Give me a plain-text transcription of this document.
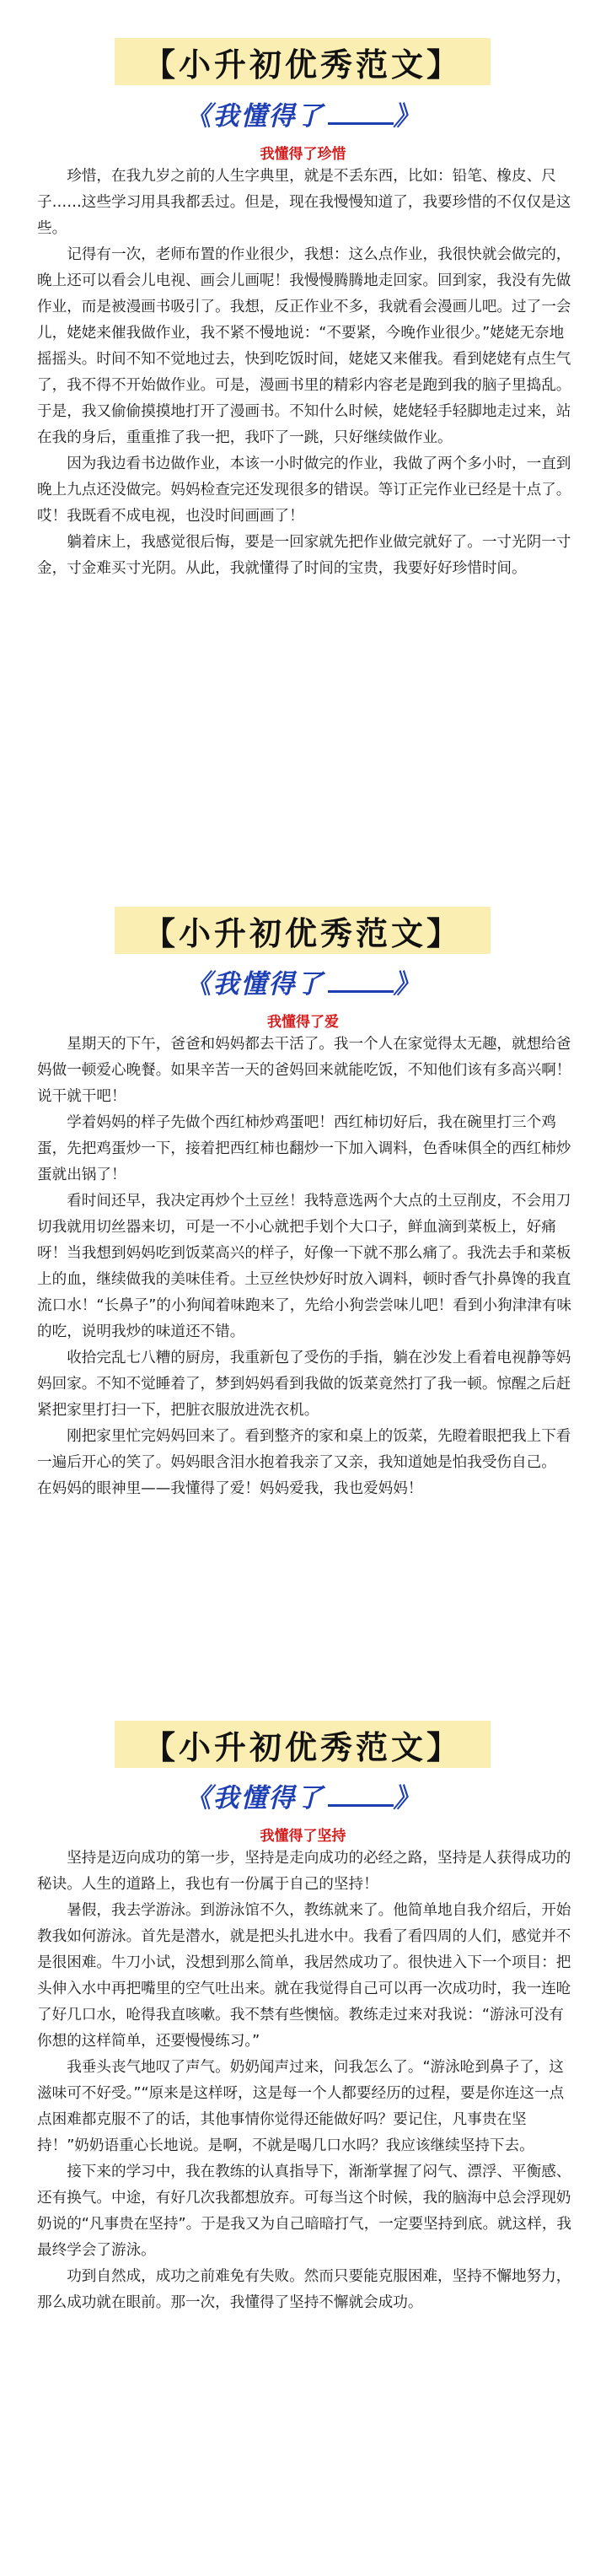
【小升初优秀范文】
《我懂得了	》
我懂得了珍惜

珍惜，在我九岁之前的人生字典里，就是不丢东西，比如：铅笔、橡皮、尺子……这些学习用具我都丢过。但是，现在我慢慢知道了，我要珍惜的不仅仅是这些。

记得有一次，老师布置的作业很少，我想：这么点作业，我很快就会做完的，晚上还可以看会儿电视、画会儿画呢！我慢慢腾腾地走回家。回到家，我没有先做作业，而是被漫画书吸引了。我想，反正作业不多，我就看会漫画儿吧。过了一会儿，姥姥来催我做作业，我不紧不慢地说：“不要紧，今晚作业很少。”姥姥无奈地摇摇头。时间不知不觉地过去，快到吃饭时间，姥姥又来催我。看到姥姥有点生气了，我不得不开始做作业。可是，漫画书里的精彩内容老是跑到我的脑子里捣乱。于是，我又偷偷摸摸地打开了漫画书。不知什么时候，姥姥轻手轻脚地走过来，站在我的身后，重重推了我一把，我吓了一跳，只好继续做作业。

因为我边看书边做作业，本该一小时做完的作业，我做了两个多小时，一直到晚上九点还没做完。妈妈检查完还发现很多的错误。等订正完作业已经是十点了。哎！我既看不成电视，也没时间画画了！

躺着床上，我感觉很后悔，要是一回家就先把作业做完就好了。一寸光阴一寸金，寸金难买寸光阴。从此，我就懂得了时间的宝贵，我要好好珍惜时间。

【小升初优秀范文】
《我懂得了	》
我懂得了爱

星期天的下午，爸爸和妈妈都去干活了。我一个人在家觉得太无趣，就想给爸妈做一顿爱心晚餐。如果辛苦一天的爸妈回来就能吃饭，不知他们该有多高兴啊！说干就干吧！

学着妈妈的样子先做个西红柿炒鸡蛋吧！西红柿切好后，我在碗里打三个鸡蛋，先把鸡蛋炒一下，接着把西红柿也翻炒一下加入调料，色香味俱全的西红柿炒蛋就出锅了！

看时间还早，我决定再炒个土豆丝！我特意选两个大点的土豆削皮，不会用刀切我就用切丝器来切，可是一不小心就把手划个大口子，鲜血滴到菜板上，好痛呀！当我想到妈妈吃到饭菜高兴的样子，好像一下就不那么痛了。我洗去手和菜板上的血，继续做我的美味佳肴。土豆丝快炒好时放入调料，顿时香气扑鼻馋的我直流口水！“长鼻子”的小狗闻着味跑来了，先给小狗尝尝味儿吧！看到小狗津津有味的吃，说明我炒的味道还不错。

收拾完乱七八糟的厨房，我重新包了受伤的手指，躺在沙发上看着电视静等妈妈回家。不知不觉睡着了，梦到妈妈看到我做的饭菜竟然打了我一顿。惊醒之后赶紧把家里打扫一下，把脏衣服放进洗衣机。

刚把家里忙完妈妈回来了。看到整齐的家和桌上的饭菜，先瞪着眼把我上下看一遍后开心的笑了。妈妈眼含泪水抱着我亲了又亲，我知道她是怕我受伤自己。

在妈妈的眼神里——我懂得了爱！妈妈爱我，我也爱妈妈！

【小升初优秀范文】
《我懂得了	》
我懂得了坚持

坚持是迈向成功的第一步，坚持是走向成功的必经之路，坚持是人获得成功的秘诀。人生的道路上，我也有一份属于自己的坚持！

暑假，我去学游泳。到游泳馆不久，教练就来了。他简单地自我介绍后，开始教我如何游泳。首先是潜水，就是把头扎进水中。我看了看四周的人们，感觉并不是很困难。牛刀小试，没想到那么简单，我居然成功了。很快进入下一个项目：把头伸入水中再把嘴里的空气吐出来。就在我觉得自己可以再一次成功时，我一连呛了好几口水，呛得我直咳嗽。我不禁有些懊恼。教练走过来对我说：“游泳可没有你想的这样简单，还要慢慢练习。”

我垂头丧气地叹了声气。奶奶闻声过来，问我怎么了。“游泳呛到鼻子了，这滋味可不好受。”“原来是这样呀，这是每一个人都要经历的过程，要是你连这一点点困难都克服不了的话，其他事情你觉得还能做好吗？要记住，凡事贵在坚持！”奶奶语重心长地说。是啊，不就是喝几口水吗？我应该继续坚持下去。

接下来的学习中，我在教练的认真指导下，渐渐掌握了闷气、漂浮、平衡感、还有换气。中途，有好几次我都想放弃。可每当这个时候，我的脑海中总会浮现奶奶说的“凡事贵在坚持”。于是我又为自己暗暗打气，一定要坚持到底。就这样，我最终学会了游泳。

功到自然成，成功之前难免有失败。然而只要能克服困难，坚持不懈地努力，那么成功就在眼前。那一次，我懂得了坚持不懈就会成功。
